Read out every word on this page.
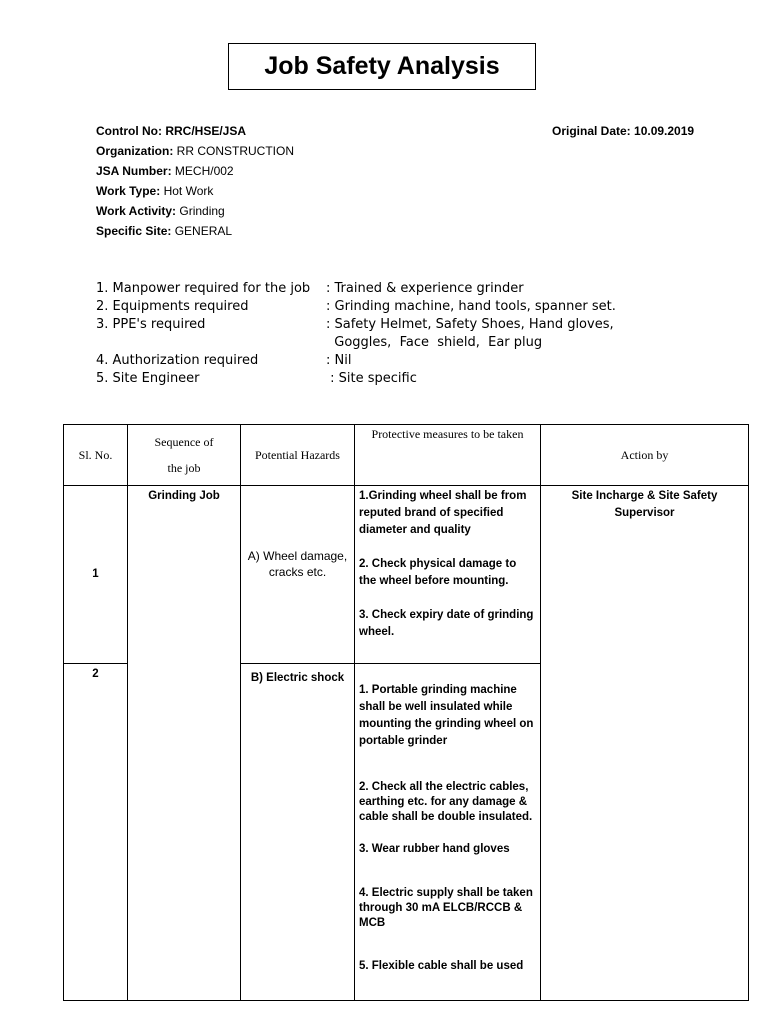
Job Safety Analysis
Control No: RRC/HSE/JSA
Organization: RR CONSTRUCTION
JSA Number: MECH/002
Work Type: Hot Work
Work Activity: Grinding
Specific Site: GENERAL
Original Date: 10.09.2019
1. Manpower required for the job : Trained & experience grinder
2. Equipments required	: Grinding machine, hand tools, spanner set.
3. PPE's required	: Safety Helmet, Safety Shoes, Hand gloves,
Goggles,  Face  shield,  Ear plug
4. Authorization required	: Nil
5. Site Engineer	: Site specific
Sl. No.	Sequence of
the job	Potential Hazards	Protective measures to be taken	Action by
1	Grinding Job	A) Wheel damage, cracks etc.	1.Grinding wheel shall be from reputed brand of specified diameter and quality
2. Check physical damage to the wheel before mounting.
3. Check expiry date of grinding wheel.	Site Incharge & Site Safety Supervisor
2		B) Electric shock	1. Portable grinding machine shall be well insulated while mounting the grinding wheel on portable grinder
2. Check all the electric cables, earthing etc. for any damage & cable shall be double insulated.
3. Wear rubber hand gloves
4. Electric supply shall be taken through 30 mA ELCB/RCCB & MCB
5. Flexible cable shall be used	
